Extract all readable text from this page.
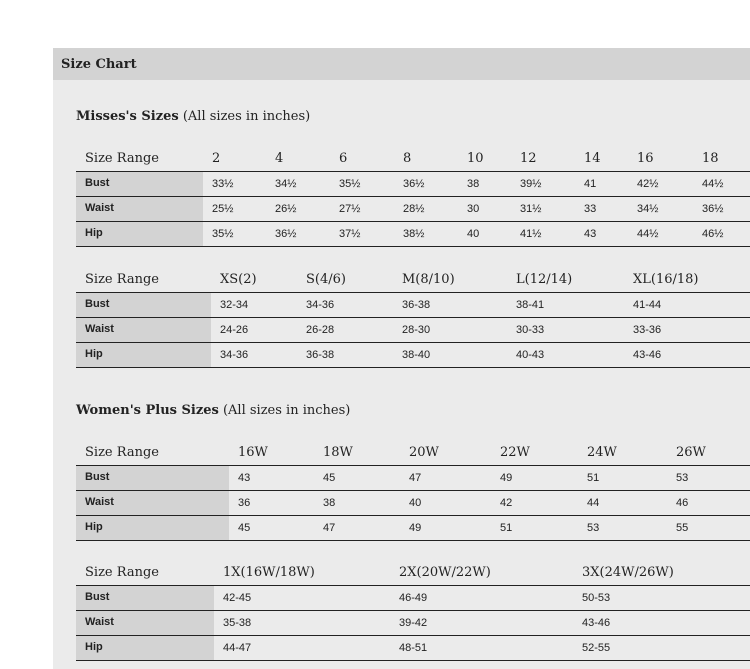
Size Chart
Misses's Sizes (All sizes in inches)
Size Range	2	4	6	8	10	12	14	16	18
Bust	33½	34½	35½	36½	38	39½	41	42½	44½
Waist	25½	26½	27½	28½	30	31½	33	34½	36½
Hip	35½	36½	37½	38½	40	41½	43	44½	46½
Size Range	XS(2)	S(4/6)	M(8/10)	L(12/14)	XL(16/18)
Bust	32-34	34-36	36-38	38-41	41-44
Waist	24-26	26-28	28-30	30-33	33-36
Hip	34-36	36-38	38-40	40-43	43-46
Women's Plus Sizes (All sizes in inches)
Size Range	16W	18W	20W	22W	24W	26W
Bust	43	45	47	49	51	53
Waist	36	38	40	42	44	46
Hip	45	47	49	51	53	55
Size Range	1X(16W/18W)	2X(20W/22W)	3X(24W/26W)
Bust	42-45	46-49	50-53
Waist	35-38	39-42	43-46
Hip	44-47	48-51	52-55
